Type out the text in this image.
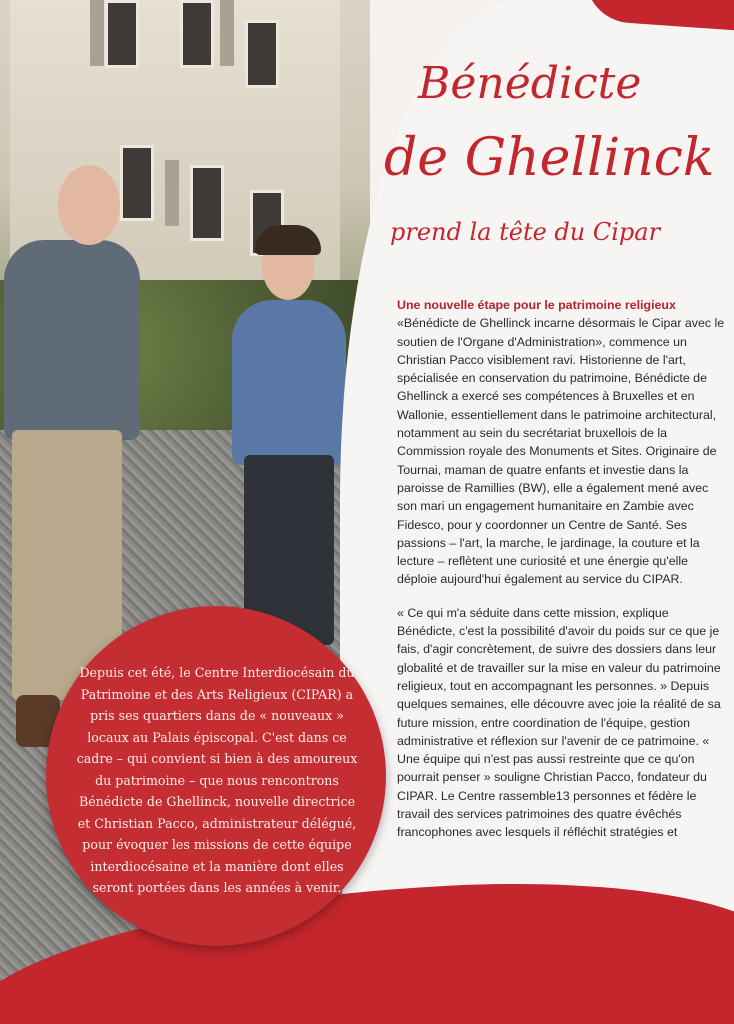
Bénédicte
de Ghellinck
prend la tête du Cipar
Une nouvelle étape pour le patrimoine religieux

«Bénédicte de Ghellinck incarne désormais le Cipar avec le soutien de l'Organe d'Administration», commence un Christian Pacco visiblement ravi. Historienne de l'art, spécialisée en conservation du patrimoine, Bénédicte de Ghellinck a exercé ses compétences à Bruxelles et en Wallonie, essentiellement dans le patrimoine architectural, notamment au sein du secrétariat bruxellois de la Commission royale des Monuments et Sites. Originaire de Tournai, maman de quatre enfants et investie dans la paroisse de Ramillies (BW), elle a également mené avec son mari un engagement humanitaire en Zambie avec Fidesco, pour y coordonner un Centre de Santé. Ses passions – l'art, la marche, le jardinage, la couture et la lecture – reflètent une curiosité et une énergie qu'elle déploie aujourd'hui également au service du CIPAR.

« Ce qui m'a séduite dans cette mission, explique Bénédicte, c'est la possibilité d'avoir du poids sur ce que je fais, d'agir concrètement, de suivre des dossiers dans leur globalité et de travailler sur la mise en valeur du patrimoine religieux, tout en accompagnant les personnes. » Depuis quelques semaines, elle découvre avec joie la réalité de sa future mission, entre coordination de l'équipe, gestion administrative et réflexion sur l'avenir de ce patrimoine. « Une équipe qui n'est pas aussi restreinte que ce qu'on pourrait penser » souligne Christian Pacco, fondateur du CIPAR. Le Centre rassemble13 personnes et fédère le travail des services patrimoines des quatre évêchés francophones avec lesquels il réfléchit stratégies et

Depuis cet été, le Centre Interdiocésain du Patrimoine et des Arts Religieux (CIPAR) a pris ses quartiers dans de « nouveaux » locaux au Palais épiscopal. C'est dans ce cadre – qui convient si bien à des amoureux du patrimoine – que nous rencontrons Bénédicte de Ghellinck, nouvelle directrice et Christian Pacco, administrateur délégué, pour évoquer les missions de cette équipe interdiocésaine et la manière dont elles seront portées dans les années à venir.
